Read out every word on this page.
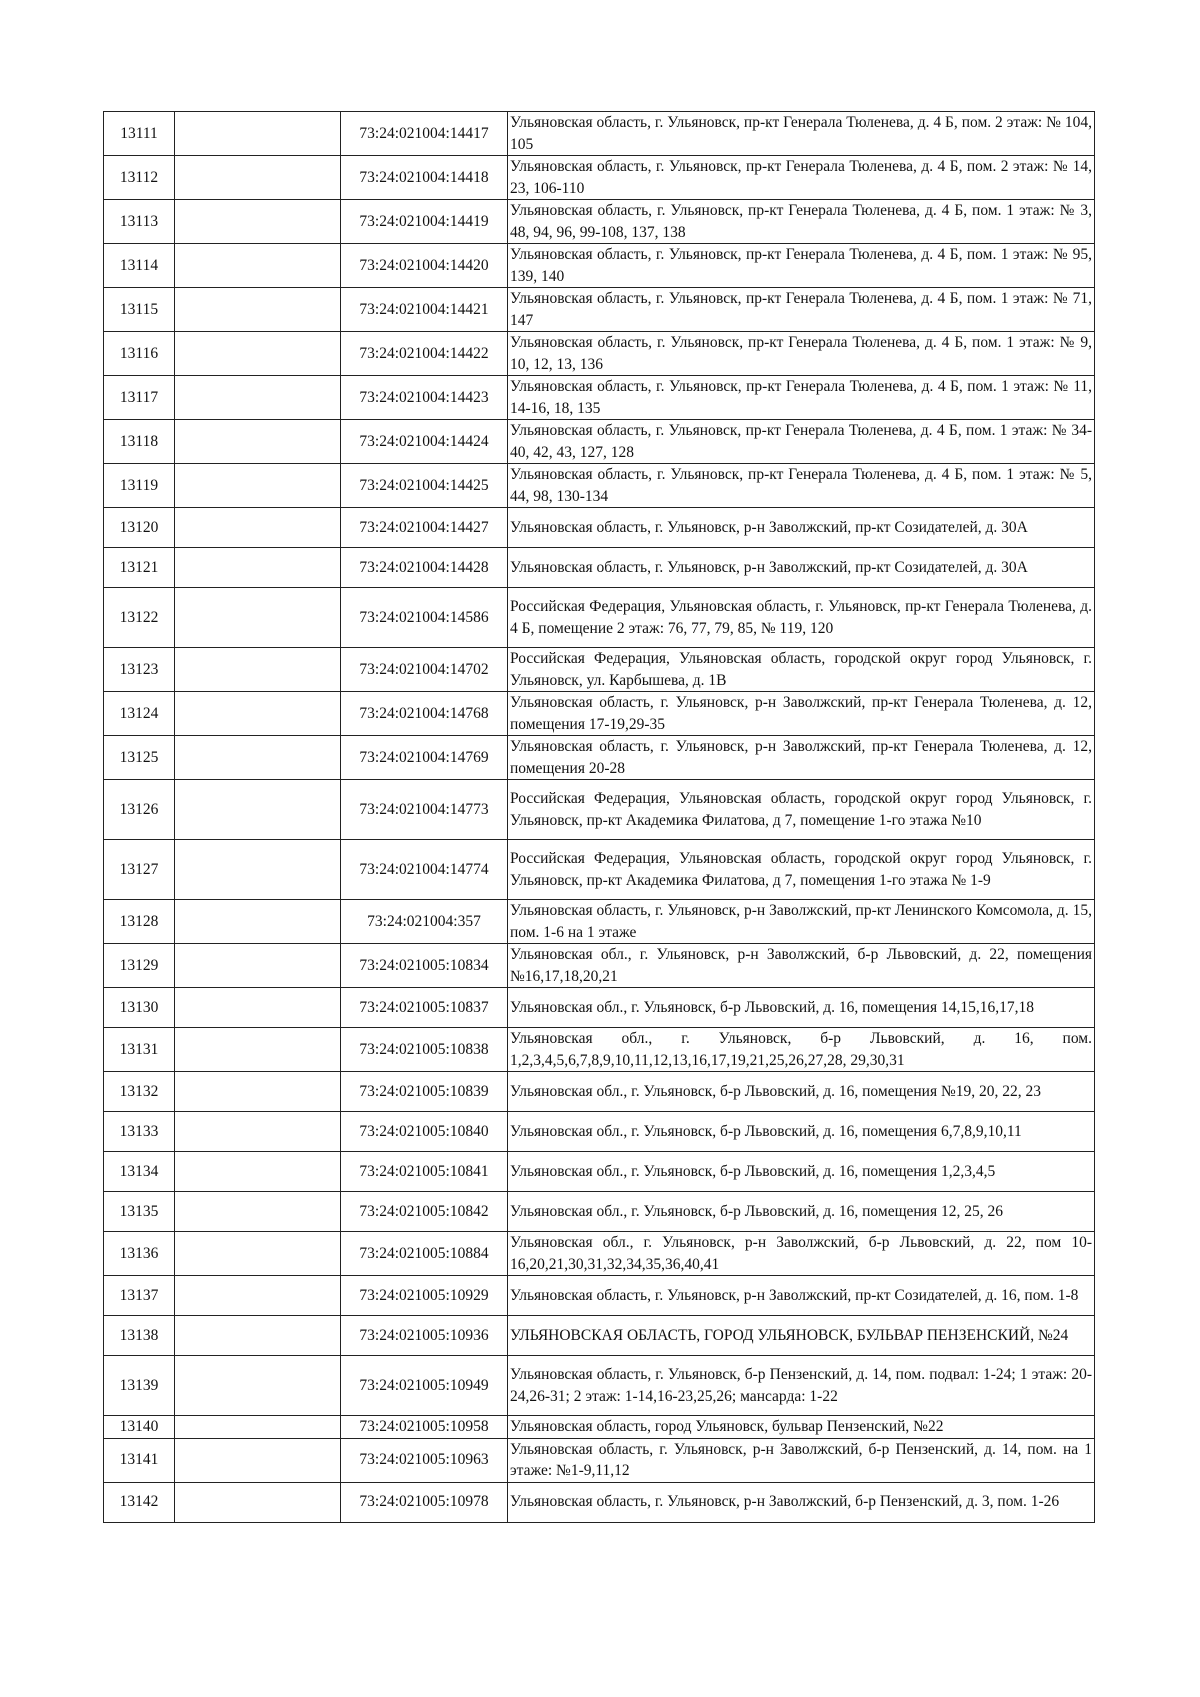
13111		73:24:021004:14417	Ульяновская область, г. Ульяновск, пр-кт Генерала Тюленева, д. 4 Б, пом. 2 этаж: № 104, 105
13112		73:24:021004:14418	Ульяновская область, г. Ульяновск, пр-кт Генерала Тюленева, д. 4 Б, пом. 2 этаж: № 14, 23, 106-110
13113		73:24:021004:14419	Ульяновская область, г. Ульяновск, пр-кт Генерала Тюленева, д. 4 Б, пом. 1 этаж: № 3, 48, 94, 96, 99-108, 137, 138
13114		73:24:021004:14420	Ульяновская область, г. Ульяновск, пр-кт Генерала Тюленева, д. 4 Б, пом. 1 этаж: № 95, 139, 140
13115		73:24:021004:14421	Ульяновская область, г. Ульяновск, пр-кт Генерала Тюленева, д. 4 Б, пом. 1 этаж: № 71, 147
13116		73:24:021004:14422	Ульяновская область, г. Ульяновск, пр-кт Генерала Тюленева, д. 4 Б, пом. 1 этаж: № 9, 10, 12, 13, 136
13117		73:24:021004:14423	Ульяновская область, г. Ульяновск, пр-кт Генерала Тюленева, д. 4 Б, пом. 1 этаж: № 11, 14-16, 18, 135
13118		73:24:021004:14424	Ульяновская область, г. Ульяновск, пр-кт Генерала Тюленева, д. 4 Б, пом. 1 этаж: № 34-40, 42, 43, 127, 128
13119		73:24:021004:14425	Ульяновская область, г. Ульяновск, пр-кт Генерала Тюленева, д. 4 Б, пом. 1 этаж: № 5, 44, 98, 130-134
13120		73:24:021004:14427	Ульяновская область, г. Ульяновск, р-н Заволжский, пр-кт Созидателей, д. 30А
13121		73:24:021004:14428	Ульяновская область, г. Ульяновск, р-н Заволжский, пр-кт Созидателей, д. 30А
13122		73:24:021004:14586	Российская Федерация, Ульяновская область, г. Ульяновск, пр-кт Генерала Тюленева, д. 4 Б, помещение 2 этаж: 76, 77, 79, 85, № 119, 120
13123		73:24:021004:14702	Российская Федерация, Ульяновская область, городской округ город Ульяновск, г. Ульяновск, ул. Карбышева, д. 1В
13124		73:24:021004:14768	Ульяновская область, г. Ульяновск, р-н Заволжский, пр-кт Генерала Тюленева, д. 12, помещения 17-19,29-35
13125		73:24:021004:14769	Ульяновская область, г. Ульяновск, р-н Заволжский, пр-кт Генерала Тюленева, д. 12, помещения 20-28
13126		73:24:021004:14773	Российская Федерация, Ульяновская область, городской округ город Ульяновск, г. Ульяновск, пр-кт Академика Филатова, д 7, помещение 1-го этажа №10
13127		73:24:021004:14774	Российская Федерация, Ульяновская область, городской округ город Ульяновск, г. Ульяновск, пр-кт Академика Филатова, д 7, помещения 1-го этажа № 1-9
13128		73:24:021004:357	Ульяновская область, г. Ульяновск, р-н Заволжский, пр-кт Ленинского Комсомола, д. 15, пом. 1-6 на 1 этаже
13129		73:24:021005:10834	Ульяновская обл., г. Ульяновск, р-н Заволжский, б-р Львовский, д. 22, помещения №16,17,18,20,21
13130		73:24:021005:10837	Ульяновская обл., г. Ульяновск, б-р Львовский, д. 16, помещения 14,15,16,17,18
13131		73:24:021005:10838	Ульяновская обл., г. Ульяновск, б-р Львовский, д. 16, пом. 1,2,3,4,5,6,7,8,9,10,11,12,13,16,17,19,21,25,26,27,28, 29,30,31
13132		73:24:021005:10839	Ульяновская обл., г. Ульяновск, б-р Львовский, д. 16, помещения №19, 20, 22, 23
13133		73:24:021005:10840	Ульяновская обл., г. Ульяновск, б-р Львовский, д. 16, помещения 6,7,8,9,10,11
13134		73:24:021005:10841	Ульяновская обл., г. Ульяновск, б-р Львовский, д. 16, помещения 1,2,3,4,5
13135		73:24:021005:10842	Ульяновская обл., г. Ульяновск, б-р Львовский, д. 16, помещения 12, 25, 26
13136		73:24:021005:10884	Ульяновская обл., г. Ульяновск, р-н Заволжский, б-р Львовский, д. 22, пом 10-16,20,21,30,31,32,34,35,36,40,41
13137		73:24:021005:10929	Ульяновская область, г. Ульяновск, р-н Заволжский, пр-кт Созидателей, д. 16, пом. 1-8
13138		73:24:021005:10936	УЛЬЯНОВСКАЯ ОБЛАСТЬ, ГОРОД УЛЬЯНОВСК, БУЛЬВАР ПЕНЗЕНСКИЙ, №24
13139		73:24:021005:10949	Ульяновская область, г. Ульяновск, б-р Пензенский, д. 14, пом. подвал: 1-24; 1 этаж: 20-24,26-31; 2 этаж: 1-14,16-23,25,26; мансарда: 1-22
13140		73:24:021005:10958	Ульяновская область, город Ульяновск, бульвар Пензенский, №22
13141		73:24:021005:10963	Ульяновская область, г. Ульяновск, р-н Заволжский, б-р Пензенский, д. 14, пом. на 1 этаже: №1-9,11,12
13142		73:24:021005:10978	Ульяновская область, г. Ульяновск, р-н Заволжский, б-р Пензенский, д. 3, пом. 1-26
